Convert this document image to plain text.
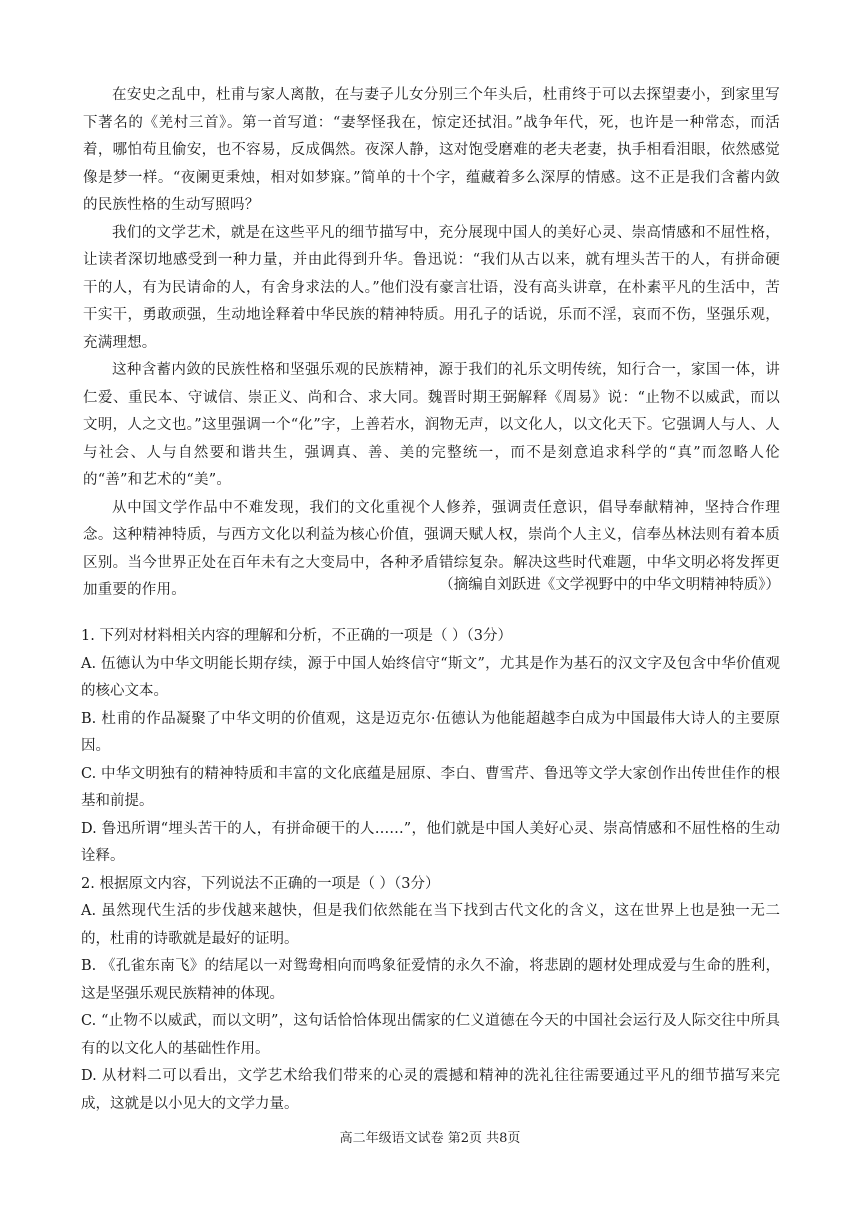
在安史之乱中，杜甫与家人离散，在与妻子儿女分别三个年头后，杜甫终于可以去探望妻小，到家里写下著名的《羌村三首》。第一首写道：“妻孥怪我在，惊定还拭泪。”战争年代，死，也许是一种常态，而活着，哪怕苟且偷安，也不容易，反成偶然。夜深人静，这对饱受磨难的老夫老妻，执手相看泪眼，依然感觉像是梦一样。“夜阑更秉烛，相对如梦寐。”简单的十个字，蕴藏着多么深厚的情感。这不正是我们含蓄内敛的民族性格的生动写照吗？

我们的文学艺术，就是在这些平凡的细节描写中，充分展现中国人的美好心灵、崇高情感和不屈性格，让读者深切地感受到一种力量，并由此得到升华。鲁迅说：“我们从古以来，就有埋头苦干的人，有拼命硬干的人，有为民请命的人，有舍身求法的人。”他们没有豪言壮语，没有高头讲章，在朴素平凡的生活中，苦干实干，勇敢顽强，生动地诠释着中华民族的精神特质。用孔子的话说，乐而不淫，哀而不伤，坚强乐观，充满理想。

这种含蓄内敛的民族性格和坚强乐观的民族精神，源于我们的礼乐文明传统，知行合一，家国一体，讲仁爱、重民本、守诚信、崇正义、尚和合、求大同。魏晋时期王弼解释《周易》说：“止物不以威武，而以文明，人之文也。”这里强调一个“化”字，上善若水，润物无声，以文化人，以文化天下。它强调人与人、人与社会、人与自然要和谐共生，强调真、善、美的完整统一，而不是刻意追求科学的“真”而忽略人伦的“善”和艺术的“美”。

从中国文学作品中不难发现，我们的文化重视个人修养，强调责任意识，倡导奉献精神，坚持合作理念。这种精神特质，与西方文化以利益为核心价值，强调天赋人权，崇尚个人主义，信奉丛林法则有着本质区别。当今世界正处在百年未有之大变局中，各种矛盾错综复杂。解决这些时代难题，中华文明必将发挥更加重要的作用。	（摘编自刘跃进《文学视野中的中华文明精神特质》）

1. 下列对材料相关内容的理解和分析，不正确的一项是（ ）（3分）

A. 伍德认为中华文明能长期存续，源于中国人始终信守“斯文”，尤其是作为基石的汉文字及包含中华价值观的核心文本。

B. 杜甫的作品凝聚了中华文明的价值观，这是迈克尔·伍德认为他能超越李白成为中国最伟大诗人的主要原因。

C. 中华文明独有的精神特质和丰富的文化底蕴是屈原、李白、曹雪芹、鲁迅等文学大家创作出传世佳作的根基和前提。

D. 鲁迅所谓“埋头苦干的人，有拼命硬干的人……”，他们就是中国人美好心灵、崇高情感和不屈性格的生动诠释。

2. 根据原文内容，下列说法不正确的一项是（ ）（3分）

A. 虽然现代生活的步伐越来越快，但是我们依然能在当下找到古代文化的含义，这在世界上也是独一无二的，杜甫的诗歌就是最好的证明。

B. 《孔雀东南飞》的结尾以一对鸳鸯相向而鸣象征爱情的永久不渝，将悲剧的题材处理成爱与生命的胜利，这是坚强乐观民族精神的体现。

C. “止物不以威武，而以文明”，这句话恰恰体现出儒家的仁义道德在今天的中国社会运行及人际交往中所具有的以文化人的基础性作用。

D. 从材料二可以看出，文学艺术给我们带来的心灵的震撼和精神的洗礼往往需要通过平凡的细节描写来完成，这就是以小见大的文学力量。

高二年级语文试卷 第2页 共8页
